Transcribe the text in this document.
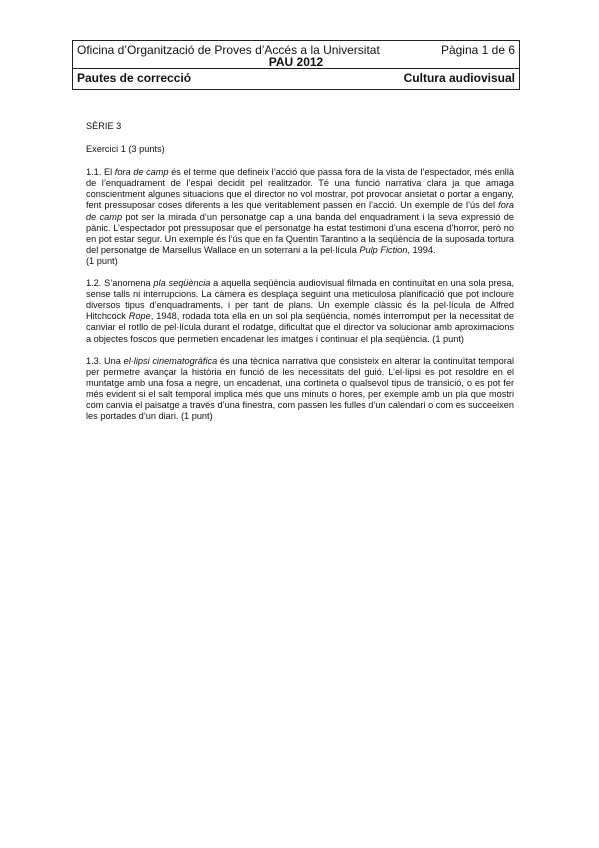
Oficina d’Organització de Proves d’Accés a la Universitat	Pàgina 1 de 6
PAU 2012
Pautes de correcció	Cultura audiovisual

SÈRIE 3

Exercici 1 (3 punts)

1.1. El fora de camp és el terme que defineix l’acció que passa fora de la vista de l’espectador, més enllà de l’enquadrament de l’espai decidit pel realitzador. Té una funció narrativa clara ja que amaga conscientment algunes situacions que el director no vol mostrar, pot provocar ansietat o portar a engany, fent pressuposar coses diferents a les que veritablement passen en l’acció. Un exemple de l’ús del fora de camp pot ser la mirada d’un personatge cap a una banda del enquadrament i la seva expressió de pànic. L’espectador pot pressuposar que el personatge ha estat testimoni d’una escena d’horror, però no en pot estar segur. Un exemple és l’ús que en fa Quentin Tarantino a la seqüència de la suposada tortura del personatge de Marsellus Wallace en un soterrani a la pel·lícula Pulp Fiction, 1994.

(1 punt)

1.2. S’anomena pla seqüència a aquella seqüència audiovisual filmada en continuïtat en una sola presa, sense talls ni interrupcions. La càmera es desplaça seguint una meticulosa planificació que pot incloure diversos tipus d’enquadraments, i per tant de plans. Un exemple clàssic és la pel·lícula de Alfred Hitchcock Rope, 1948, rodada tota ella en un sol pla seqüència, només interromput per la necessitat de canviar el rotllo de pel·lícula durant el rodatge, dificultat que el director va solucionar amb aproximacions a objectes foscos que permetien encadenar les imatges i continuar el pla seqüència. (1 punt)

1.3. Una el·lipsi cinematogràfica és una tècnica narrativa que consisteix en alterar la continuïtat temporal per permetre avançar la història en funció de les necessitats del guió. L’el·lipsi es pot resoldre en el muntatge amb una fosa a negre, un encadenat, una cortineta o qualsevol tipus de transició, o es pot fer més evident si el salt temporal implica més que uns minuts o hores, per exemple amb un pla que mostri com canvia el paisatge a través d’una finestra, com passen les fulles d’un calendari o com es succeeixen les portades d’un diari. (1 punt)
